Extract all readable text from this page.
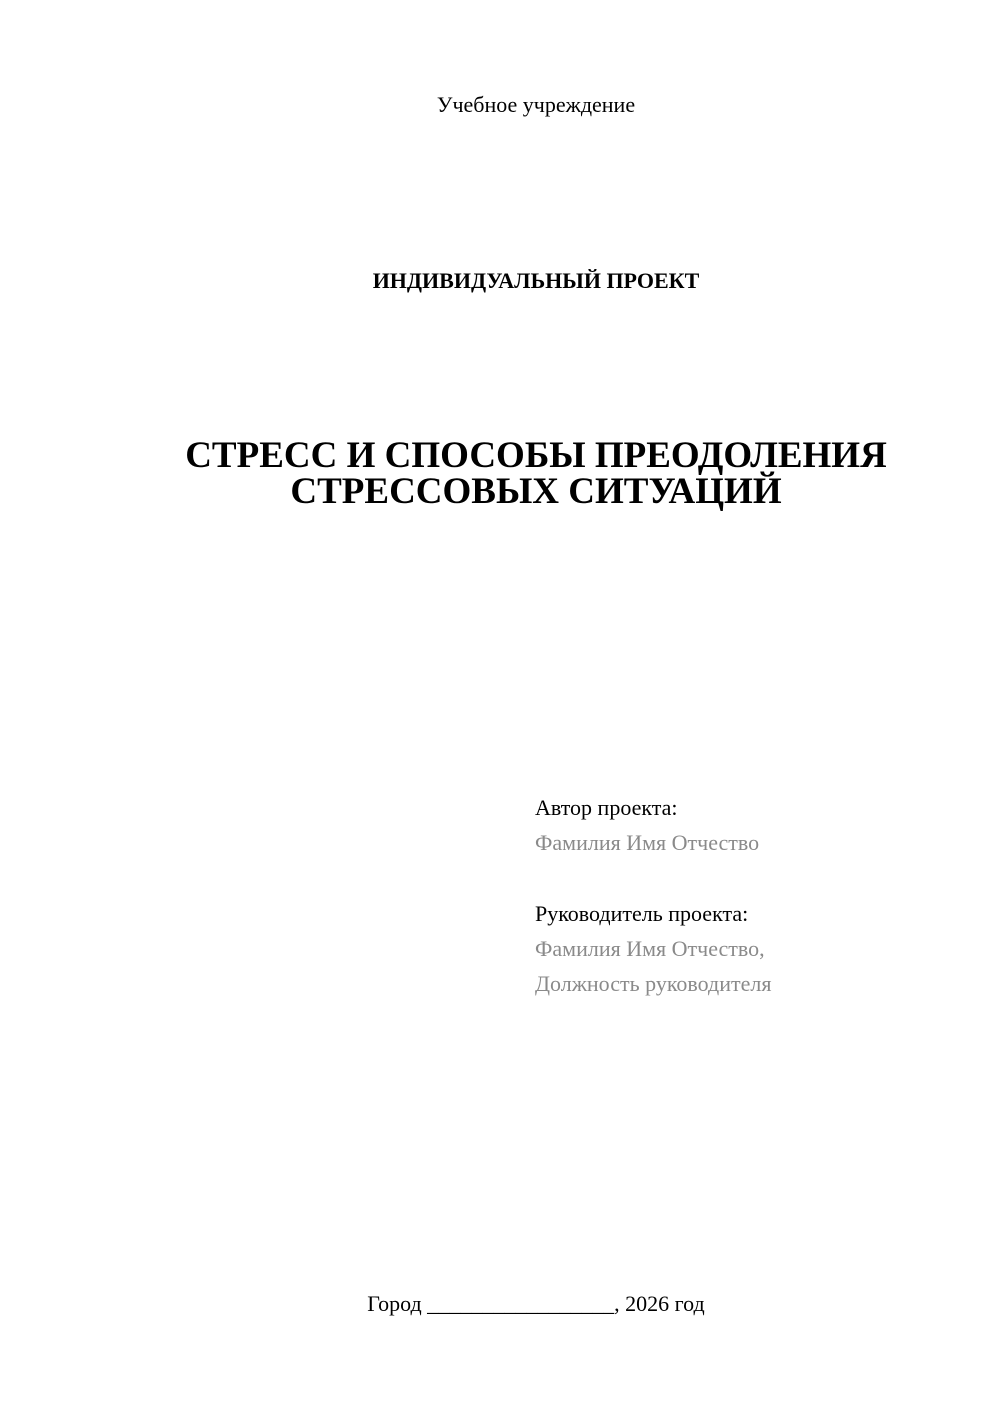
Учебное учреждение
ИНДИВИДУАЛЬНЫЙ ПРОЕКТ
СТРЕСС И СПОСОБЫ ПРЕОДОЛЕНИЯ
СТРЕССОВЫХ СИТУАЦИЙ
Автор проекта:
Фамилия Имя Отчество
Руководитель проекта:
Фамилия Имя Отчество,
Должность руководителя
Город _________________, 2026 год
